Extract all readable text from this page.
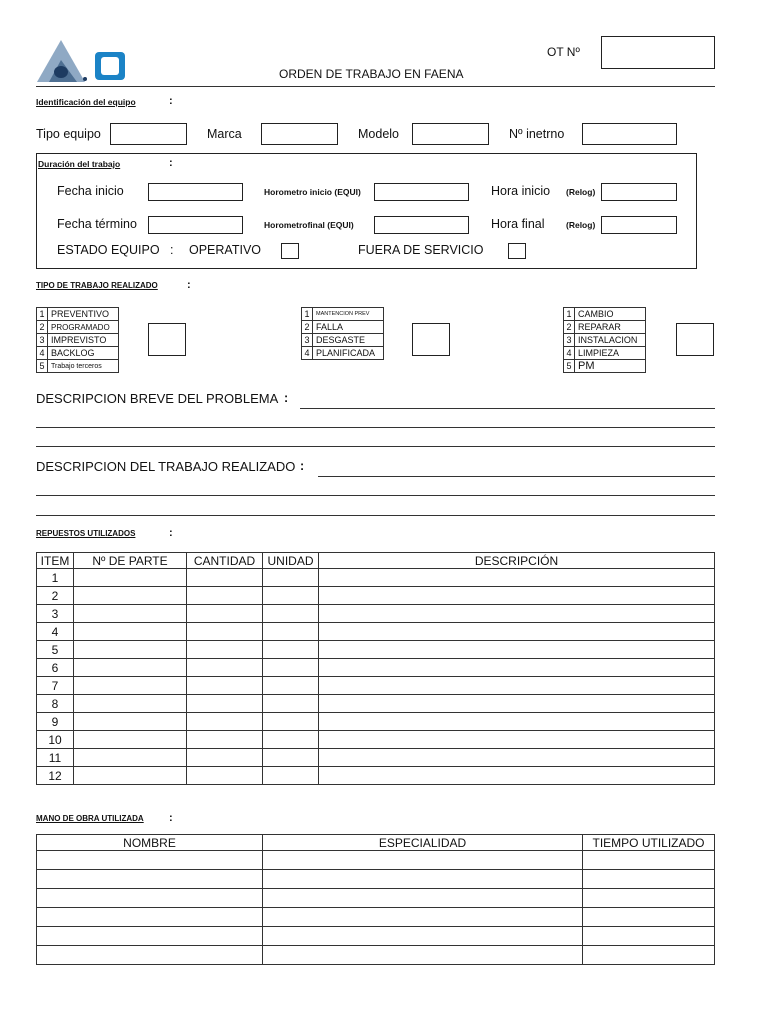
ORDEN DE TRABAJO EN FAENA
OT Nº
Identificación del equipo	:
Tipo equipo	Marca	Modelo	Nº inetrno
Duración del trabajo	:
Fecha inicio	Horometro inicio (EQUI)	Hora inicio (Relog)
Fecha término	Horometrofinal (EQUI)	Hora final	(Relog)
ESTADO EQUIPO : OPERATIVO	FUERA DE SERVICIO
TIPO DE TRABAJO REALIZADO	:
1	PREVENTIVO
2	PROGRAMADO
3	IMPREVISTO
4	BACKLOG
5	Trabajo terceros
1	MANTENCION PREV
2	FALLA
3	DESGASTE
4	PLANIFICADA
1	CAMBIO
2	REPARAR
3	INSTALACION
4	LIMPIEZA
5	PM
DESCRIPCION BREVE DEL PROBLEMA :
DESCRIPCION DEL TRABAJO REALIZADO :
REPUESTOS UTILIZADOS	:
ITEM	Nº DE PARTE	CANTIDAD	UNIDAD	DESCRIPCIÓN
1				
2				
3				
4				
5				
6				
7				
8				
9				
10				
11				
12				
MANO DE OBRA UTILIZADA :
NOMBRE	ESPECIALIDAD	TIEMPO UTILIZADO
